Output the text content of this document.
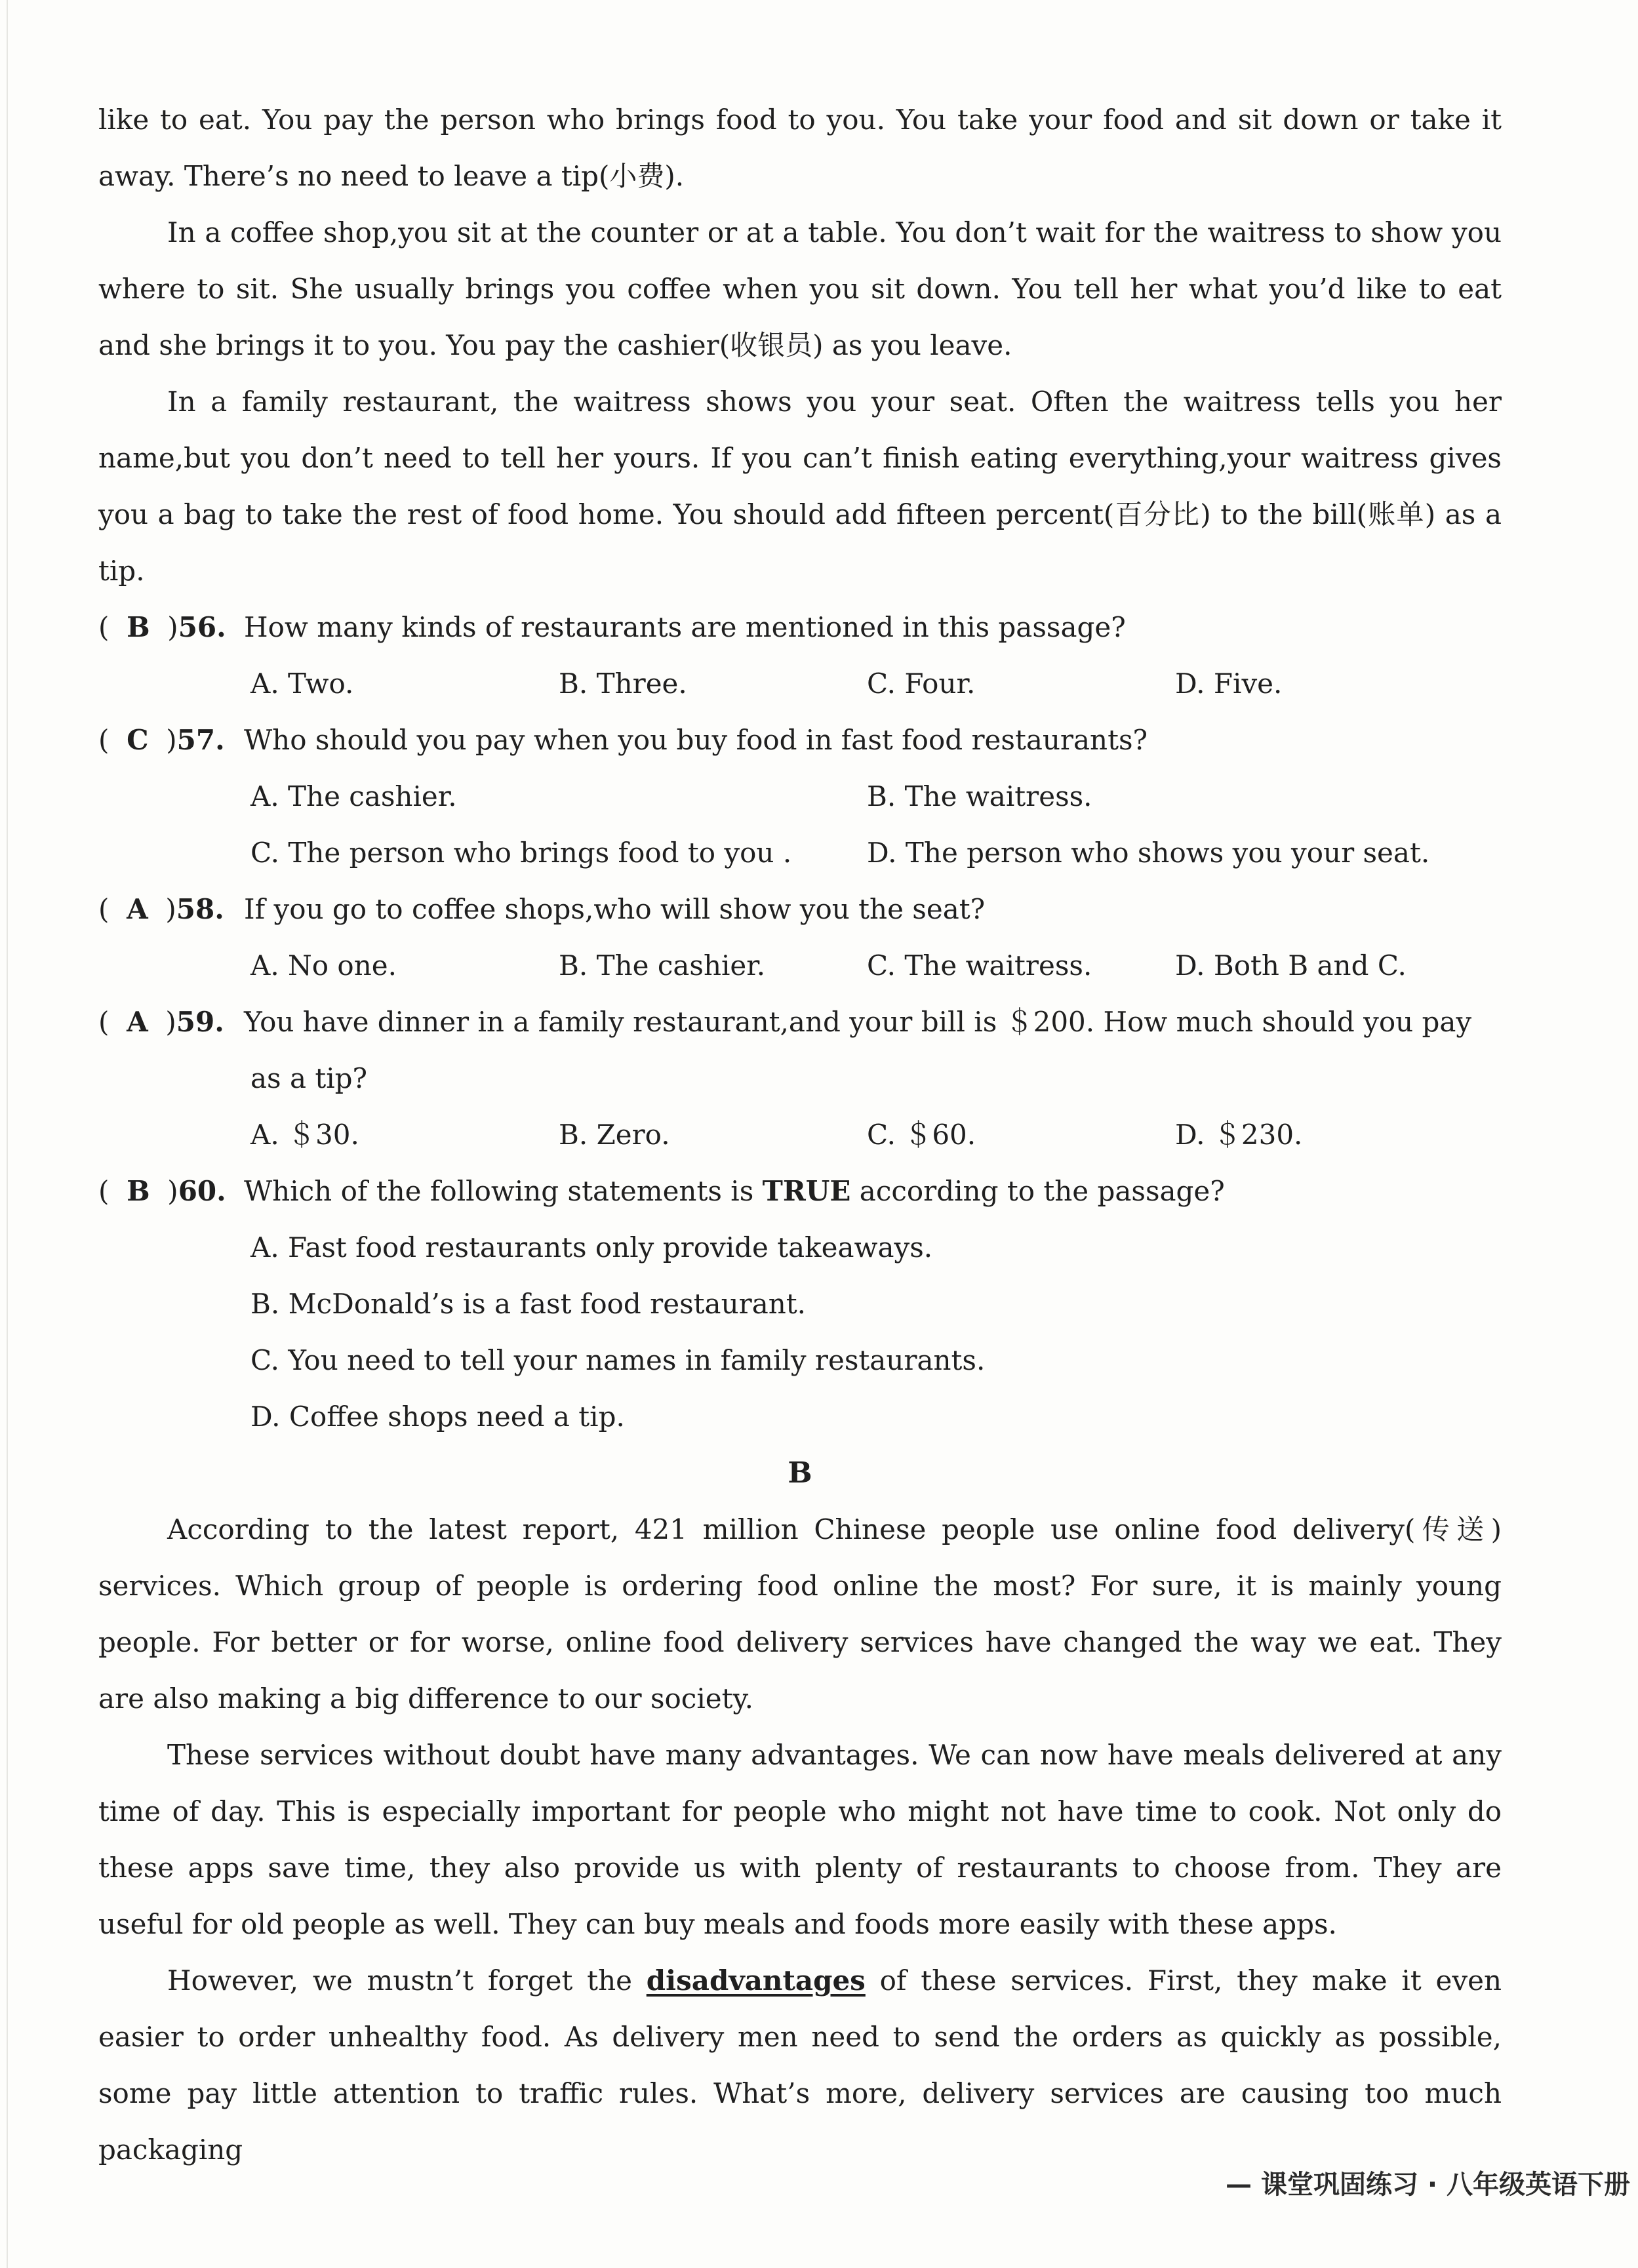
like to eat. You pay the person who brings food to you. You take your food and sit down or take it away. There’s no need to leave a tip(小费).

In a coffee shop,you sit at the counter or at a table. You don’t wait for the waitress to show you where to sit. She usually brings you coffee when you sit down. You tell her what you’d like to eat and she brings it to you. You pay the cashier(收银员) as you leave.

In a family restaurant, the waitress shows you your seat. Often the waitress tells you her name,but you don’t need to tell her yours. If you can’t finish eating everything,your waitress gives you a bag to take the rest of food home. You should add fifteen percent(百分比) to the bill(账单) as a tip.

(  B  )56. How many kinds of restaurants are mentioned in this passage?
A. Two.	B. Three.	C. Four.	D. Five.
(  C  )57. Who should you pay when you buy food in fast food restaurants?
A. The cashier.	B. The waitress.
C. The person who brings food to you .	D. The person who shows you your seat.
(  A  )58. If you go to coffee shops,who will show you the seat?
A. No one.	B. The cashier.	C. The waitress.	D. Both B and C.
(  A  )59. You have dinner in a family restaurant,and your bill is ＄200. How much should you pay
as a tip?
A. ＄30.	B. Zero.	C. ＄60.	D. ＄230.
(  B  )60. Which of the following statements is TRUE according to the passage?
A. Fast food restaurants only provide takeaways.
B. McDonald’s is a fast food restaurant.
C. You need to tell your names in family restaurants.
D. Coffee shops need a tip.
B

According to the latest report, 421 million Chinese people use online food delivery(传送) services. Which group of people is ordering food online the most? For sure, it is mainly young people. For better or for worse, online food delivery services have changed the way we eat. They are also making a big difference to our society.

These services without doubt have many advantages. We can now have meals delivered at any time of day. This is especially important for people who might not have time to cook. Not only do these apps save time, they also provide us with plenty of restaurants to choose from. They are useful for old people as well. They can buy meals and foods more easily with these apps.

However, we mustn’t forget the disadvantages of these services. First, they make it even easier to order unhealthy food. As delivery men need to send the orders as quickly as possible, some pay little attention to traffic rules. What’s more, delivery services are causing too much packaging

— 课堂巩固练习 · 八年级英语下册
